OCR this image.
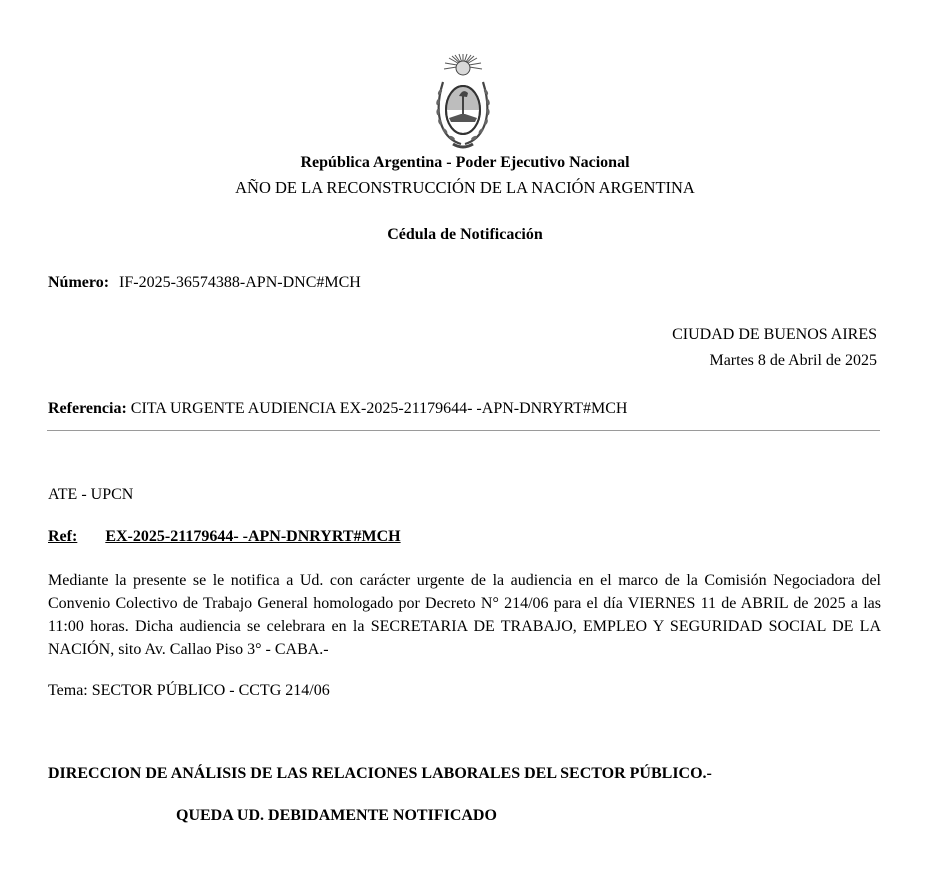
República Argentina - Poder Ejecutivo Nacional
AÑO DE LA RECONSTRUCCIÓN DE LA NACIÓN ARGENTINA
Cédula de Notificación
Número: IF-2025-36574388-APN-DNC#MCH
CIUDAD DE BUENOS AIRES
Martes 8 de Abril de 2025
Referencia: CITA URGENTE AUDIENCIA EX-2025-21179644- -APN-DNRYRT#MCH
ATE - UPCN
Ref: EX-2025-21179644- -APN-DNRYRT#MCH
Mediante la presente se le notifica a Ud. con carácter urgente de la audiencia en el marco de la Comisión Negociadora del Convenio Colectivo de Trabajo General homologado por Decreto N° 214/06 para el día VIERNES 11 de ABRIL de 2025 a las 11:00 horas. Dicha audiencia se celebrara en la SECRETARIA DE TRABAJO, EMPLEO Y SEGURIDAD SOCIAL DE LA NACIÓN, sito Av. Callao Piso 3° - CABA.-
Tema: SECTOR PÚBLICO - CCTG 214/06
DIRECCION DE ANÁLISIS DE LAS RELACIONES LABORALES DEL SECTOR PÚBLICO.-
QUEDA UD. DEBIDAMENTE NOTIFICADO
